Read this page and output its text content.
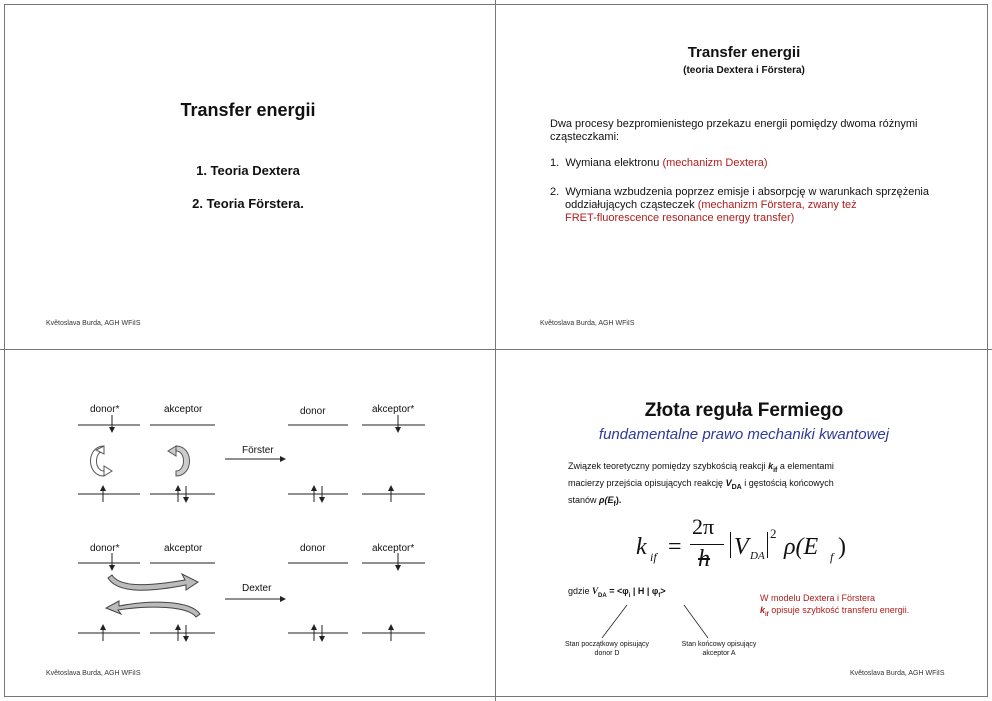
Transfer energii
1. Teoria Dextera
2. Teoria Förstera.
Květoslava Burda, AGH WFiIS
Transfer energii
(teoria Dextera i Förstera)
Dwa procesy bezpromienistego przekazu energii pomiędzy dwoma różnymi
cząsteczkami:
1. Wymiana elektronu (mechanizm Dextera)
2. Wymiana wzbudzenia poprzez emisje i absorpcję w warunkach sprzężenia
oddziałujących cząsteczek (mechanizm Förstera, zwany też
FRET-fluorescence resonance energy transfer)
Květoslava Burda, AGH WFiIS
donor*	akceptor	donor	akceptor*
Förster
donor*	akceptor	donor	akceptor*
Dexter
Květoslava Burda, AGH WFiIS
Złota reguła Fermiego
fundamentalne prawo mechaniki kwantowej
Związek teoretyczny pomiędzy szybkością reakcji $k_{if}$ a elementami
macierzy przejścia opisujących reakcję $V_{DA}$ i gęstością końcowych
stanów $\rho(E_f)$.
k if =
2π
h V DA
2
ρ(E f )
gdzie $V_{DA} = <\varphi_i$ | H | $\varphi_f>$
W modelu Dextera i Förstera
$k_{if}$ opisuje szybkość transferu energii.
Stan początkowy opisujący
donor D
Stan końcowy opisujący
akceptor A
Květoslava Burda, AGH WFiIS
